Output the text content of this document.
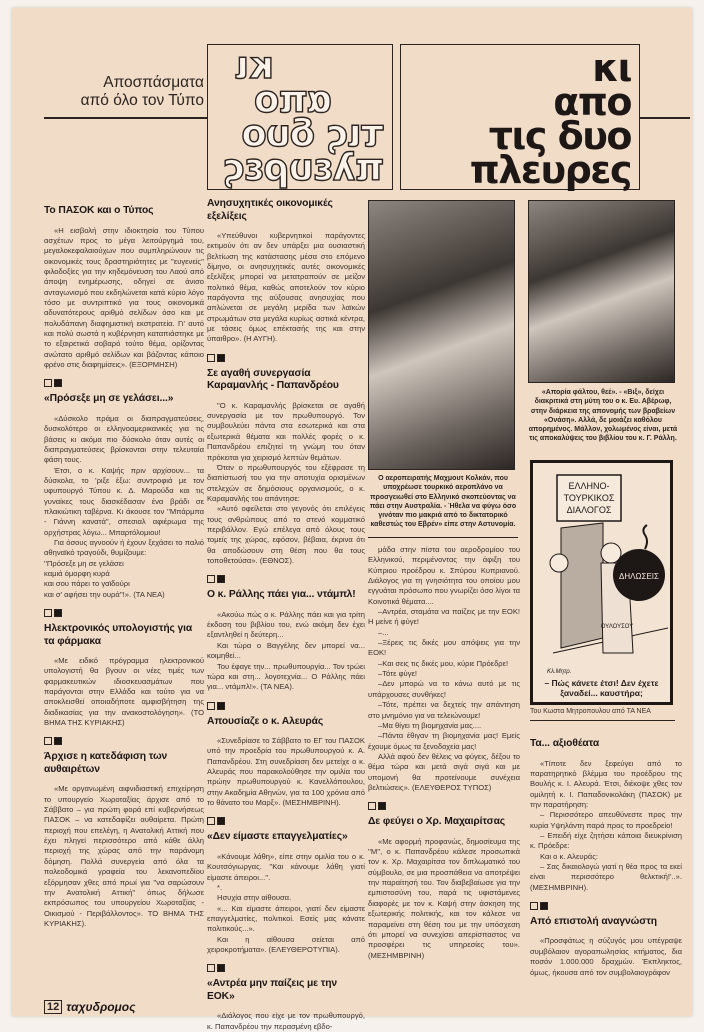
Αποσπάσματα
από όλο τον Τύπο
κι
απο
τις δυο
πλευρες
κι
απο
τις δυο
πλευρες
Το ΠΑΣΟΚ και ο Τύπος

«Η εισβολή στην ιδιοκτησία του Τύπου ασχέτων προς το μέγα λειτούργημά του, μεγαλοκεφαλαιούχων που συμπληρώνουν τις οικονομικές τους δραστηριότητες με ''ευγενείς'' φιλοδοξίες για την κηδεμόνευση του Λαού από άποψη ενημέρωσης, οδηγεί σε άνισο ανταγωνισμό που εκδηλώνεται κατά κύριο λόγο τόσο με συντριπτικό για τους οικονομικά αδυνατότερους αριθμό σελίδων όσο και με πολυδάπανη διαφημιστική εκστρατεία. Γι' αυτό και πολύ σωστά η κυβέρνηση καταπιάστηκε με το εξαιρετικά σοβαρό τούτο θέμα, ορίζοντας ανώτατο αριθμό σελίδων και βάζοντας κάποιο φρένο στις διαφημίσεις». (ΕΞΟΡΜΗΣΗ)

«Πρόσεξε μη σε γελάσει...»

«Δύσκολο πράμα οι διαπραγματεύσεις, δυσκολότερο οι ελληνοαμερικανικές για τις βάσεις κι ακόμα πιο δύσκολο όταν αυτές οι διαπραγματεύσεις βρίσκονται στην τελευταία φάση τους.

Έτσι, ο κ. Καψής πριν αρχίσουν... τα δύσκολα, το 'ριξε έξω: συντροφιά με τον υφυπουργό Τύπου κ. Δ. Μαρούδα και τις γυναίκες τους διασκέδασαν ένα βράδι σε πλακιώτικη ταβέρνα. Κι άκουσε τον ''Μπάρμπα - Γιάννη κανατά'', σπεσιαλ αφιέρωμα της ορχήστρας λόγω... Μπαρτόλομιου!

Για όσους αγνοούν ή έχουν ξεχάσει το παλιό αθηναϊκό τραγούδι, θυμίζουμε:

''Πρόσεξε μη σε γελάσει

καμιά όμορφη κυρά

και σου πάρει το γαϊδούρι

και σ' αφήσει την ουρά''!». (ΤΑ ΝΕΑ)

Ηλεκτρονικός υπολογιστής για τα φάρμακα

«Με ειδικό πρόγραμμα ηλεκτρονικού υπολογιστή θα βγουν οι νέες τιμές των φαρμακευτικών ιδιοσκευασμάτων που παράγονται στην Ελλάδα και τούτο για να αποκλεισθεί οποιαδήποτε αμφισβήτηση της διαδικασίας για την ανακοστολόγηση». (ΤΟ ΒΗΜΑ ΤΗΣ ΚΥΡΙΑΚΗΣ)

Άρχισε η κατεδάφιση των αυθαιρέτων

«Με οργανωμένη αιφνιδιαστική επιχείρηση το υπουργείο Χωροταξίας άρχισε από το Σάββατο – για πρώτη φορά επί κυβερνήσεως ΠΑΣΟΚ – να κατεδαφίζει αυθαίρετα. Πρώτη περιοχή που επελέγη, η Ανατολική Αττική που έχει πληγεί περισσότερο από κάθε άλλη περιοχή της χώρας από την παράνομη δόμηση. Πολλά συνεργεία από όλα τα πολεοδομικά γραφεία του λεκανοπεδίου εξόρμησαν χθες από πρωί για ''να σαρώσουν την Ανατολική Αττική'' όπως δήλωσε εκπρόσωπος του υπουργείου Χωροταξίας - Οικισμού - Περιβάλλοντος». ΤΟ ΒΗΜΑ ΤΗΣ ΚΥΡΙΑΚΗΣ).

Ανησυχητικές οικονομικές εξελίξεις

«Υπεύθυνοι κυβερνητικοί παράγοντες εκτιμούν ότι αν δεν υπάρξει μια ουσιαστική βελτίωση της κατάστασης μέσα στο επόμενο δίμηνο, οι ανησυχητικές αυτές οικονομικές εξελίξεις μπορεί να μετατραπούν σε μείζον πολιτικό θέμα, καθώς αποτελούν τον κύριο παράγοντα της αύξουσας ανησυχίας που απλώνεται σε μεγάλη μερίδα των λαϊκών στρωμάτων στα μεγάλα κυρίως αστικά κέντρα, με τάσεις όμως επέκτασής της και στην ύπαιθρο». (Η ΑΥΓΗ).

Σε αγαθή συνεργασία Καραμανλής - Παπανδρέου

"Ο κ. Καραμανλής βρίσκεται σε αγαθή συνεργασία με τον πρωθυπουργό. Τον συμβουλεύει πάντα στα εσωτερικά και στα εξωτερικά θέματα και πολλές φορές ο κ. Παπανδρέου επιζητεί τη γνώμη του όταν πρόκειται για χειρισμό λεπτών θεμάτων.

Όταν ο πρωθυπουργός του εξέφρασε τη διαπίστωσή του για την αποτυχία ορισμένων στελεχών σε δημόσιους οργανισμούς, ο κ. Καραμανλής του απάντησε:

«Αυτό οφείλεται στο γεγονός ότι επιλέγεις τους ανθρώπους από το στενό κομματικό περιβάλλον. Εγώ επέλεγα από όλους τους τομείς της χώρας, εφόσον, βέβαια, έκρινα ότι θα αποδώσουν στη θέση που θα τους τοποθετούσα». (ΕΘΝΟΣ).

Ο κ. Ράλλης πάει για... ντάμπλ!

«Ακούω πώς ο κ. Ράλλης πάει και για τρίτη έκδοση του βιβλίου του, ενώ ακόμη δεν έχει εξαντληθεί η δεύτερη...

Και τώρα ο Βαγγέλης δεν μπορεί να... κοιμηθεί...

Του έφαγε την... πρωθυπουργία... Τον τρώει τώρα και στη... λογοτεχνία... Ο Ράλλης πάει για... ντάμπλ!». (ΤΑ ΝΕΑ).

Απουσίαζε ο κ. Αλευράς

«Συνεδρίασε το Σάββατο το ΕΓ του ΠΑΣΟΚ υπό την προεδρία του πρωθυπουργού κ. Α. Παπανδρέου. Στη συνεδρίαση δεν μετείχε ο κ. Αλευράς που παρακολούθησε την ομιλία του πρώην πρωθυπουργού κ. Κανελλόπουλου, στην Ακαδημία Αθηνών, για τα 100 χρόνια από το θάνατο του Μαρξ». (ΜΕΣΗΜΒΡΙΝΗ).

«Δεν είμαστε επαγγελματίες»

«Κάνουμε λάθη», είπε στην ομιλία του ο κ. Κουτσόγιωργας. ''Και κάνουμε λάθη γιατί είμαστε άπειροι...''.

*.

Ησυχία στην αίθουσα.

«... Και είμαστε άπειροι, γιατί δεν είμαστε επαγγελματίες, πολιτικοί. Εσείς μας κάνατε πολιτικούς...».

Και η αίθουσα σείεται από χειροκροτήματα». (ΕΛΕΥΘΕΡΟΤΥΠΙΑ).

«Αντρέα μην παίζεις με την ΕΟΚ»

«Διάλογος που είχε με τον πρωθυπουργό, κ. Παπανδρέου την περασμένη εβδο-

Ο αεροπειρατής Μαχμουτ Κολκάν, που υποχρέωσε τουρκικό αεροπλάνο να προσγειωθεί στο Ελληνικό σκοπεύοντας να πάει στην Αυστραλία. - Ήθελα να φύγω όσο γινόταν πιο μακριά από το δικτατορικό καθεστώς του Εβρέν» είπε στην Αστυνομία.

μάδα στην πίστα του αεροδρομίου του Ελληνικού, περιμένοντας την άφιξη του Κύπριου προέδρου κ. Σπύρου Κυπριανού. Διάλογος για τη γνησιότητα του οποίου μου εγγυάται πρόσωπο που γνωρίζει όσο λίγοι τα Κοινοτικά θέματα....

–Αντρέα, σταμάτα να παίζεις με την ΕΟΚ! Η μείνε ή φύγε!

–...

–Ξέρεις τις δικές μου απόψεις για την ΕΟΚ!

–Και σεις τις δικές μου, κύριε Πρόεδρε!

–Τότε φύγε!

–Δεν μπορώ να το κάνω αυτό με τις υπάρχουσες συνθήκες!

–Τότε, πρέπει να δεχτείς την απάντηση στο μνημόνιο για να τελειώνουμε!

–Μα θίγει τη βιομηχανία μας....

–Πάντα έθιγαν τη βιομηχανία μας! Εμείς έχουμε όμως τα ξενοδοχεία μας!

Αλλά αφού δεν θέλεις να φύγεις, δέξου το θέμα τώρα και μετά σιγά σιγά και με υπομονή θα προτείνουμε συνέχεια βελτιώσεις». (ΕΛΕΥΘΕΡΟΣ ΤΥΠΟΣ)

Δε φεύγει ο Χρ. Μαχαιρίτσας

«Με αφορμή προφανώς, δημοσίευμα της ''Μ'', ο κ. Παπανδρέου κάλεσε προσωπικά τον κ. Χρ. Μαχαιρίτσα τον διπλωματικό του σύμβουλο, σε μια προσπάθεια να αποτρέψει την παραίτησή του. Τον διαβεβαίωσε για την εμπιστοσύνη του, παρά τις υφιστάμενες διαφορές με τον κ. Καψή στην άσκηση της εξωτερικής πολιτικής, και τον κάλεσε να παραμείνει στη θέση του με την υπόσχεση ότι μπορεί να συνεχίσει απερίσπαστος να προσφέρει τις υπηρεσίες του». (ΜΕΣΗΜΒΡΙΝΗ)

«Απορία φάλτου, θεέ». - «Βιξ», δείχει διακριτικά στη μύτη του ο κ. Ευ. Αβέρωφ, στην διάρκεια της απονομής των βραβείων «Ονάση». Αλλά, δε μοιάζει καθόλου απορημένος. Μάλλον, χολωμένος είναι, μετά τις αποκαλύψεις του βιβλίου του κ. Γ. Ράλλη.
ΕΛΛΗΝΟ-
ΤΟΥΡΚΙΚΟΣ
ΔΙΑΛΟΓΟΣ
ΔΗΛΩΣΕΙΣ
ΟΥΛΟΥΣΟΥ
Κλ.Μητρ.
– Πώς κάνετε έτσι! Δεν έχετε ξαναδεί... καυστήρα;
Του Κωστα Μητροπουλου από ΤΑ ΝΕΑ
Τα... αξιοθέατα

«Τίποτε δεν ξεφεύγει από το παρατηρητικό βλέμμα του προέδρου της Βουλής κ. Ι. Αλευρά. Έτσι, διέκοψε χθες τον ομιλητή κ. Ι. Παπαδονικολάκη (ΠΑΣΟΚ) με την παρατήρηση:

– Περισσότερο απευθύνεστε προς την κυρία Υψηλάντη παρά προς το προεδρείο!

– Επειδή είχε ζητήσει κάποια διευκρίνιση κ. Πρόεδρε:

Και ο κ. Αλευράς:

– Σας δικαιολογώ γιατί η θέα προς τα εκεί είναι περισσότερο θελκτική!'..». (ΜΕΣΗΜΒΡΙΝΗ).

Από επιστολή αναγνώστη

«Προσφάτως η σύζυγός μου υπέγραψε συμβόλαιον αγοραπωλησίας κτήματος, δια ποσόν 1.000.000 δραχμών. Έκπληκτος, όμως, ήκουσα από τον συμβολαιογράφον

12 ταχυδρομος
